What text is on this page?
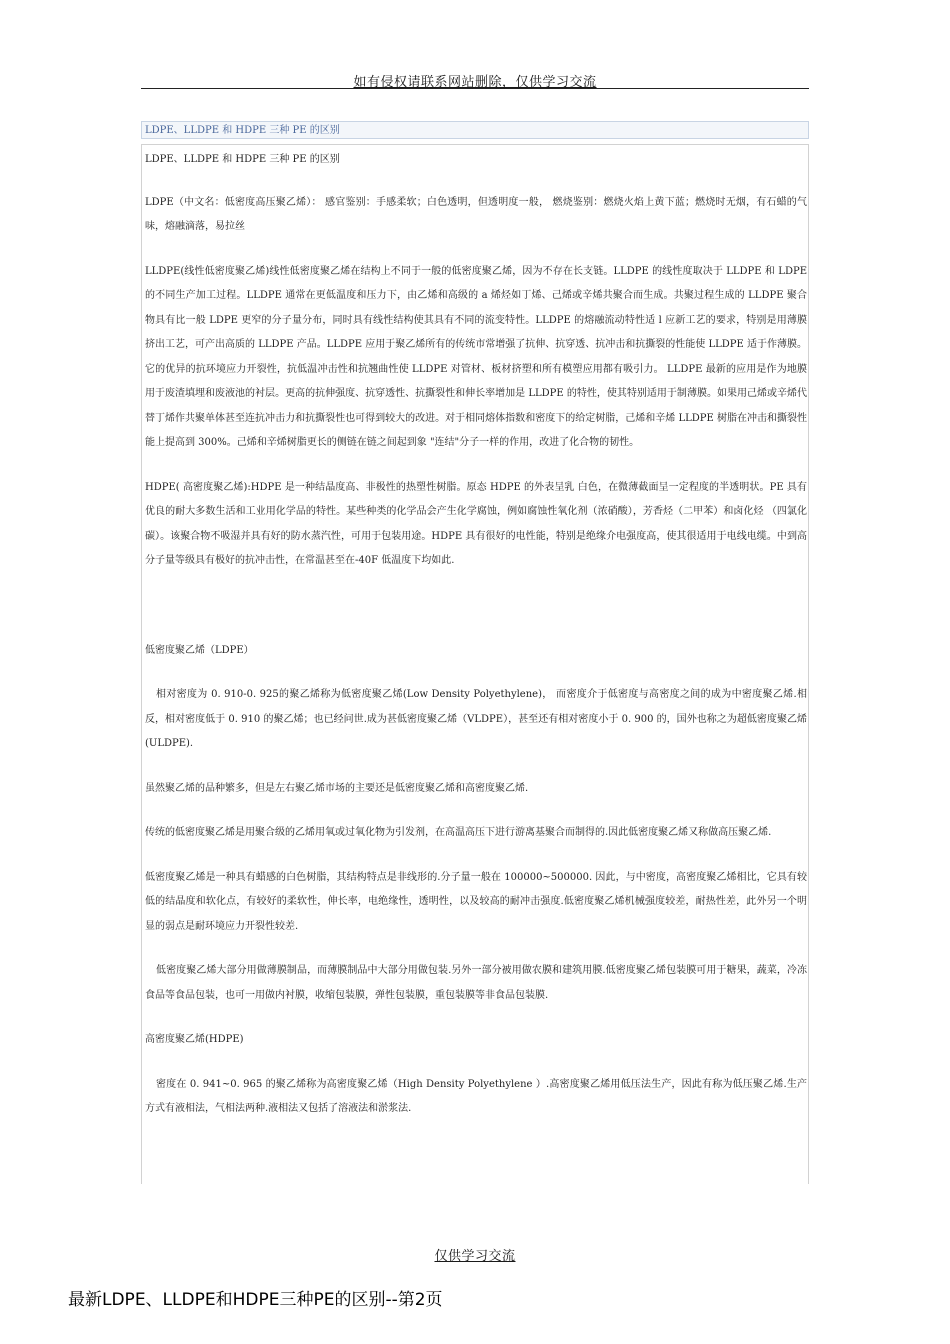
如有侵权请联系网站删除，仅供学习交流
LDPE、LLDPE 和 HDPE 三种 PE 的区别

LDPE、LLDPE 和 HDPE 三种 PE 的区别

LDPE（中文名：低密度高压聚乙烯）： 感官鉴别：手感柔软；白色透明，但透明度一般， 燃烧鉴别：燃烧火焰上黄下蓝；燃烧时无烟，有石蜡的气味，熔融滴落，易拉丝

LLDPE(线性低密度聚乙烯)线性低密度聚乙烯在结构上不同于一般的低密度聚乙烯，因为不存在长支链。LLDPE 的线性度取决于 LLDPE 和 LDPE 的不同生产加工过程。LLDPE 通常在更低温度和压力下，由乙烯和高级的 a 烯烃如丁烯、己烯或辛烯共聚合而生成。共聚过程生成的 LLDPE 聚合物具有比一般 LDPE 更窄的分子量分布，同时具有线性结构使其具有不同的流变特性。LLDPE 的熔融流动特性适 l 应新工艺的要求，特别是用薄膜挤出工艺，可产出高质的 LLDPE 产品。LLDPE 应用于聚乙烯所有的传统市常增强了抗伸、抗穿透、抗冲击和抗撕裂的性能使 LLDPE 适于作薄膜。它的优异的抗环境应力开裂性，抗低温冲击性和抗翘曲性使 LLDPE 对管材、板材挤塑和所有模塑应用都有吸引力。 LLDPE 最新的应用是作为地膜用于废渣填埋和废液池的衬层。更高的抗伸强度、抗穿透性、抗撕裂性和伸长率增加是 LLDPE 的特性，使其特别适用于制薄膜。如果用己烯或辛烯代替丁烯作共聚单体甚至连抗冲击力和抗撕裂性也可得到较大的改进。对于相同熔体指数和密度下的给定树脂，己烯和辛烯 LLDPE 树脂在冲击和撕裂性能上提高到 300%。己烯和辛烯树脂更长的侧链在链之间起到象 "连结"分子一样的作用，改进了化合物的韧性。

HDPE( 高密度聚乙烯):HDPE 是一种结晶度高、非极性的热塑性树脂。原态 HDPE 的外表呈乳 白色，在微薄截面呈一定程度的半透明状。PE 具有优良的耐大多数生活和工业用化学品的特性。某些种类的化学品会产生化学腐蚀，例如腐蚀性氧化剂（浓硝酸），芳香烃（二甲苯）和卤化烃 （四氯化碳）。该聚合物不吸湿并具有好的防水蒸汽性，可用于包装用途。HDPE 具有很好的电性能，特别是绝缘介电强度高，使其很适用于电线电缆。中到高分子量等级具有极好的抗冲击性，在常温甚至在-40F 低温度下均如此.

低密度聚乙烯（LDPE）

相对密度为 0. 910-0. 925的聚乙烯称为低密度聚乙烯(Low Density Polyethylene)， 而密度介于低密度与高密度之间的成为中密度聚乙烯.相反，相对密度低于 0. 910 的聚乙烯；也已经问世.成为甚低密度聚乙烯（VLDPE），甚至还有相对密度小于 0. 900 的，国外也称之为超低密度聚乙烯(ULDPE).

虽然聚乙烯的品种繁多，但是左右聚乙烯市场的主要还是低密度聚乙烯和高密度聚乙烯.

传统的低密度聚乙烯是用聚合级的乙烯用氧或过氧化物为引发剂，在高温高压下进行游离基聚合而制得的.因此低密度聚乙烯又称做高压聚乙烯.

低密度聚乙烯是一种具有蜡感的白色树脂，其结构特点是非线形的.分子量一般在 100000~500000. 因此，与中密度，高密度聚乙烯相比，它具有较低的结晶度和软化点，有较好的柔软性，伸长率，电绝缘性，透明性，以及较高的耐冲击强度.低密度聚乙烯机械强度较差，耐热性差，此外另一个明显的弱点是耐环境应力开裂性较差.

低密度聚乙烯大部分用做薄膜制品，而薄膜制品中大部分用做包装.另外一部分被用做农膜和建筑用膜.低密度聚乙烯包装膜可用于糖果，蔬菜，冷冻食品等食品包装，也可一用做内衬膜，收缩包装膜，弹性包装膜，重包装膜等非食品包装膜.

高密度聚乙烯(HDPE)

密度在 0. 941~0. 965 的聚乙烯称为高密度聚乙烯（High Density Polyethylene ）.高密度聚乙烯用低压法生产，因此有称为低压聚乙烯.生产方式有液相法，气相法两种.液相法又包括了溶液法和淤浆法.

仅供学习交流
最新LDPE、LLDPE和HDPE三种PE的区别--第2页
